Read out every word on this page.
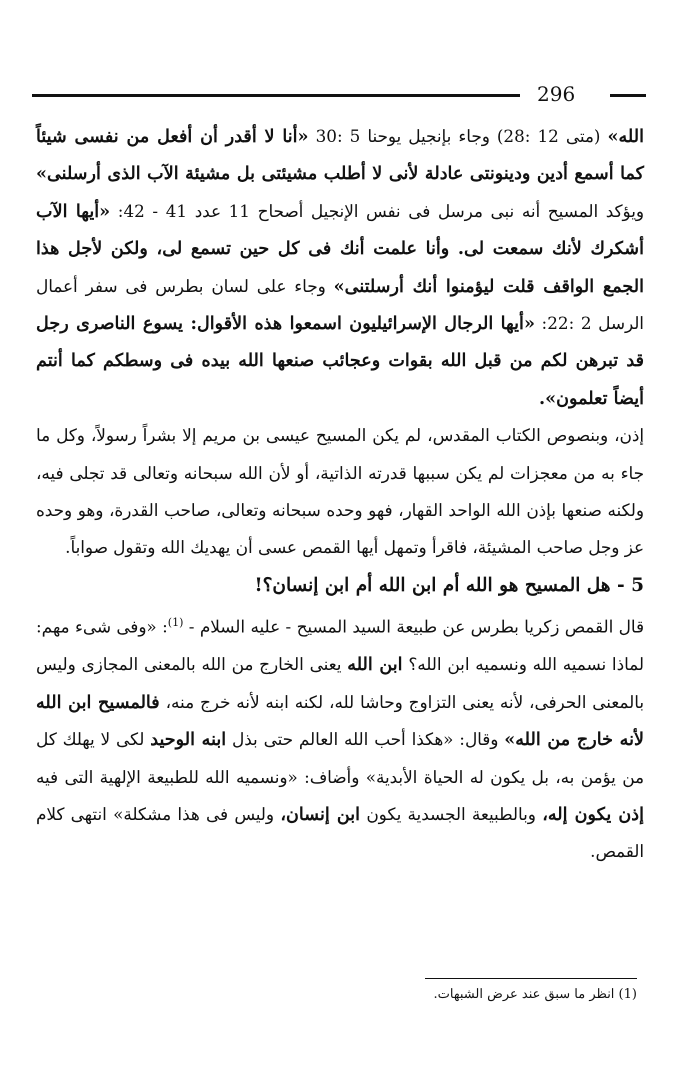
296

الله» (متى 12 :28) وجاء بإنجيل يوحنا 5 :30 «أنا لا أقدر أن أفعل من نفسى شيئاً كما أسمع أدين ودينونتى عادلة لأنى لا أطلب مشيئتى بل مشيئة الآب الذى أرسلنى» ويؤكد المسيح أنه نبى مرسل فى نفس الإنجيل أصحاح 11 عدد 41 - 42: «أيها الآب أشكرك لأنك سمعت لى. وأنا علمت أنك فى كل حين تسمع لى، ولكن لأجل هذا الجمع الواقف قلت ليؤمنوا أنك أرسلتنى» وجاء على لسان بطرس فى سفر أعمال الرسل 2 :22: «أيها الرجال الإسرائيليون اسمعوا هذه الأقوال: يسوع الناصرى رجل قد تبرهن لكم من قبل الله بقوات وعجائب صنعها الله بيده فى وسطكم كما أنتم أيضاً تعلمون».

إذن، وبنصوص الكتاب المقدس، لم يكن المسيح عيسى بن مريم إلا بشراً رسولاً، وكل ما جاء به من معجزات لم يكن سببها قدرته الذاتية، أو لأن الله سبحانه وتعالى قد تجلى فيه، ولكنه صنعها بإذن الله الواحد القهار، فهو وحده سبحانه وتعالى، صاحب القدرة، وهو وحده عز وجل صاحب المشيئة، فاقرأ وتمهل أيها القمص عسى أن يهديك الله وتقول صواباً.

5 - هل المسيح هو الله أم ابن الله أم ابن إنسان؟!

قال القمص زكريا بطرس عن طبيعة السيد المسيح - عليه السلام - $^{(1)}$: «وفى شىء مهم: لماذا نسميه الله ونسميه ابن الله؟ ابن الله يعنى الخارج من الله بالمعنى المجازى وليس بالمعنى الحرفى، لأنه يعنى التزاوج وحاشا لله، لكنه ابنه لأنه خرج منه، فالمسيح ابن الله لأنه خارج من الله» وقال: «هكذا أحب الله العالم حتى بذل ابنه الوحيد لكى لا يهلك كل من يؤمن به، بل يكون له الحياة الأبدية» وأضاف: «ونسميه الله للطبيعة الإلهية التى فيه إذن يكون إله، وبالطبيعة الجسدية يكون ابن إنسان، وليس فى هذا مشكلة» انتهى كلام القمص.

(1) انظر ما سبق عند عرض الشبهات.
